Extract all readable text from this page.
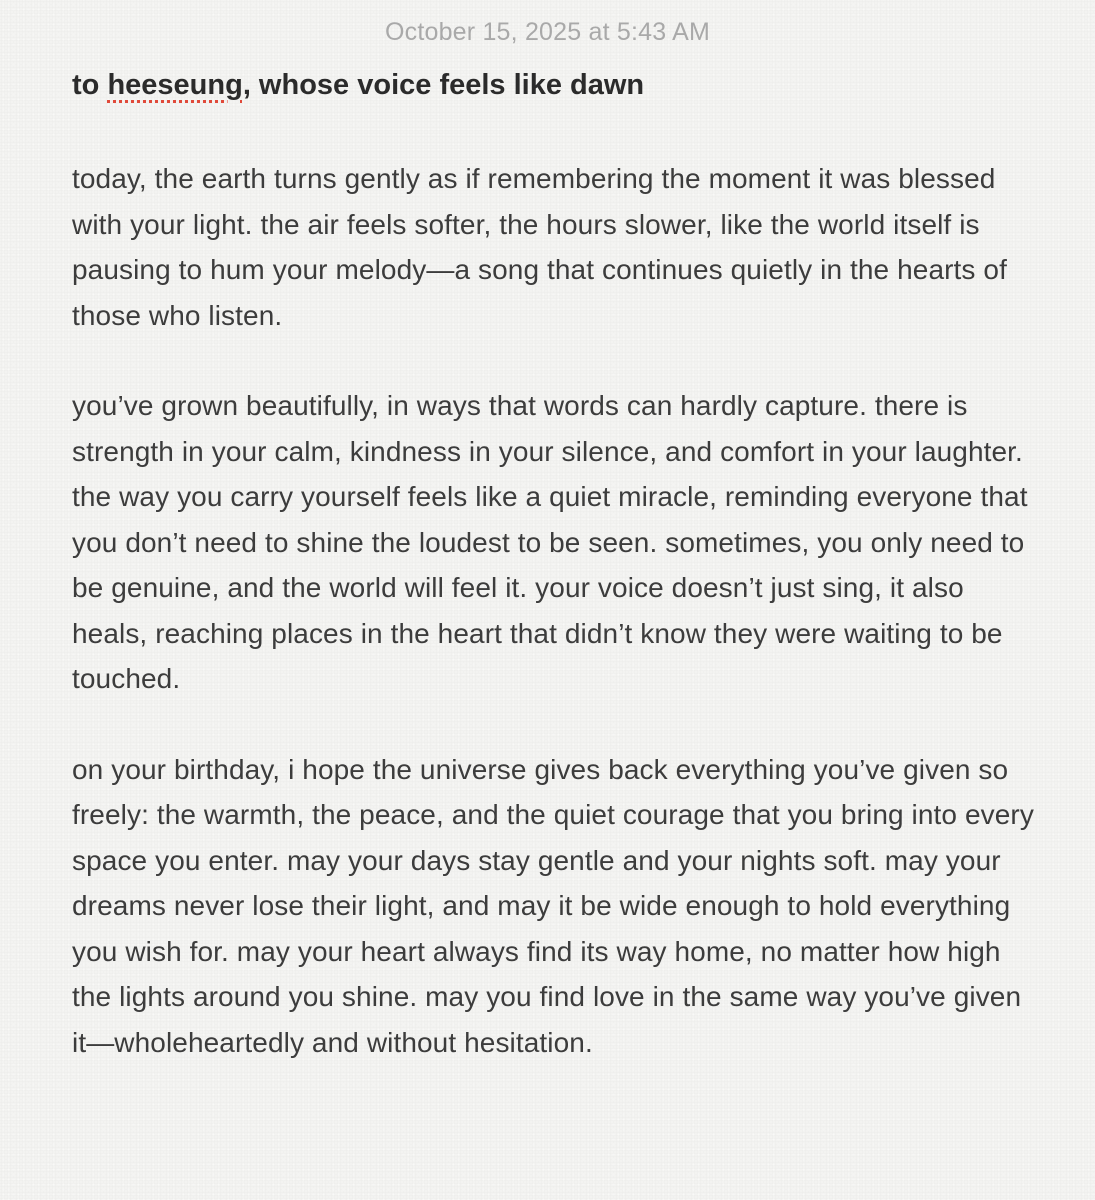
October 15, 2025 at 5:43 AM
to heeseung, whose voice feels like dawn

today, the earth turns gently as if remembering the moment it was blessed with your light. the air feels softer, the hours slower, like the world itself is pausing to hum your melody—a song that continues quietly in the hearts of those who listen.

you’ve grown beautifully, in ways that words can hardly capture. there is strength in your calm, kindness in your silence, and comfort in your laughter. the way you carry yourself feels like a quiet miracle, reminding everyone that you don’t need to shine the loudest to be seen. sometimes, you only need to be genuine, and the world will feel it. your voice doesn’t just sing, it also heals, reaching places in the heart that didn’t know they were waiting to be touched.

on your birthday, i hope the universe gives back everything you’ve given so freely: the warmth, the peace, and the quiet courage that you bring into every space you enter. may your days stay gentle and your nights soft. may your dreams never lose their light, and may it be wide enough to hold everything you wish for. may your heart always find its way home, no matter how high the lights around you shine. may you find love in the same way you’ve given it—wholeheartedly and without hesitation.
